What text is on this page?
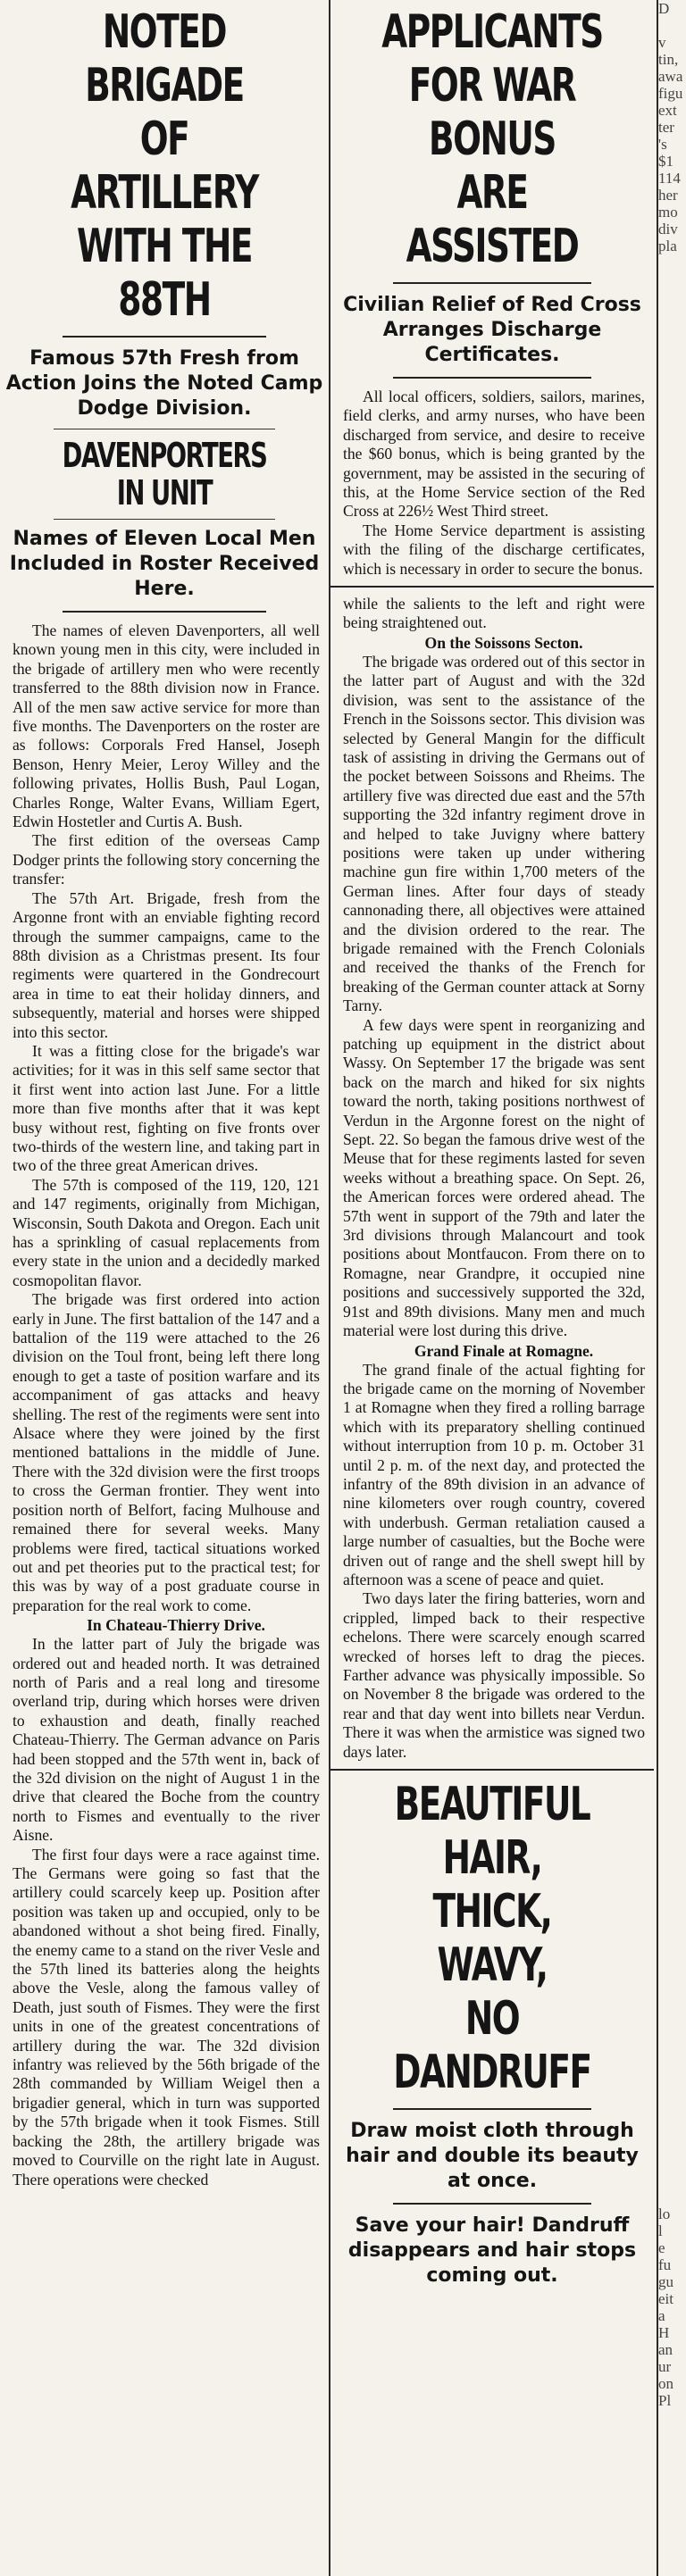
NOTED BRIGADE
OF ARTILLERY
WITH THE 88TH

Famous 57th Fresh from Action Joins the Noted Camp Dodge Division.

DAVENPORTERS IN UNIT

Names of Eleven Local Men Included in Roster Received Here.

The names of eleven Davenporters, all well known young men in this city, were included in the brigade of artillery men who were recently transferred to the 88th division now in France. All of the men saw active service for more than five months. The Davenporters on the roster are as follows: Corporals Fred Hansel, Joseph Benson, Henry Meier, Leroy Willey and the following privates, Hollis Bush, Paul Logan, Charles Ronge, Walter Evans, William Egert, Edwin Hostetler and Curtis A. Bush.

The first edition of the overseas Camp Dodger prints the following story concerning the transfer:

The 57th Art. Brigade, fresh from the Argonne front with an enviable fighting record through the summer campaigns, came to the 88th division as a Christmas present. Its four regiments were quartered in the Gondrecourt area in time to eat their holiday dinners, and subsequently, material and horses were shipped into this sector.

It was a fitting close for the brigade's war activities; for it was in this self same sector that it first went into action last June. For a little more than five months after that it was kept busy without rest, fighting on five fronts over two-thirds of the western line, and taking part in two of the three great American drives.

The 57th is composed of the 119, 120, 121 and 147 regiments, originally from Michigan, Wisconsin, South Dakota and Oregon. Each unit has a sprinkling of casual replacements from every state in the union and a decidedly marked cosmopolitan flavor.

The brigade was first ordered into action early in June. The first battalion of the 147 and a battalion of the 119 were attached to the 26 division on the Toul front, being left there long enough to get a taste of position warfare and its accompaniment of gas attacks and heavy shelling. The rest of the regiments were sent into Alsace where they were joined by the first mentioned battalions in the middle of June. There with the 32d division were the first troops to cross the German frontier. They went into position north of Belfort, facing Mulhouse and remained there for several weeks. Many problems were fired, tactical situations worked out and pet theories put to the practical test; for this was by way of a post graduate course in preparation for the real work to come.

In Chateau-Thierry Drive.

In the latter part of July the brigade was ordered out and headed north. It was detrained north of Paris and a real long and tiresome overland trip, during which horses were driven to exhaustion and death, finally reached Chateau-Thierry. The German advance on Paris had been stopped and the 57th went in, back of the 32d division on the night of August 1 in the drive that cleared the Boche from the country north to Fismes and eventually to the river Aisne.

The first four days were a race against time. The Germans were going so fast that the artillery could scarcely keep up. Position after position was taken up and occupied, only to be abandoned without a shot being fired. Finally, the enemy came to a stand on the river Vesle and the 57th lined its batteries along the heights above the Vesle, along the famous valley of Death, just south of Fismes. They were the first units in one of the greatest concentrations of artillery during the war. The 32d division infantry was relieved by the 56th brigade of the 28th commanded by William Weigel then a brigadier general, which in turn was supported by the 57th brigade when it took Fismes. Still backing the 28th, the artillery brigade was moved to Courville on the right late in August. There operations were checked

APPLICANTS
FOR WAR BONUS
ARE ASSISTED

Civilian Relief of Red Cross Arranges Discharge Certificates.

All local officers, soldiers, sailors, marines, field clerks, and army nurses, who have been discharged from service, and desire to receive the $60 bonus, which is being granted by the government, may be assisted in the securing of this, at the Home Service section of the Red Cross at 226½ West Third street.

The Home Service department is assisting with the filing of the discharge certificates, which is necessary in order to secure the bonus.

while the salients to the left and right were being straightened out.

On the Soissons Secton.

The brigade was ordered out of this sector in the latter part of August and with the 32d division, was sent to the assistance of the French in the Soissons sector. This division was selected by General Mangin for the difficult task of assisting in driving the Germans out of the pocket between Soissons and Rheims. The artillery five was directed due east and the 57th supporting the 32d infantry regiment drove in and helped to take Juvigny where battery positions were taken up under withering machine gun fire within 1,700 meters of the German lines. After four days of steady cannonading there, all objectives were attained and the division ordered to the rear. The brigade remained with the French Colonials and received the thanks of the French for breaking of the German counter attack at Sorny Tarny.

A few days were spent in reorganizing and patching up equipment in the district about Wassy. On September 17 the brigade was sent back on the march and hiked for six nights toward the north, taking positions northwest of Verdun in the Argonne forest on the night of Sept. 22. So began the famous drive west of the Meuse that for these regiments lasted for seven weeks without a breathing space. On Sept. 26, the American forces were ordered ahead. The 57th went in support of the 79th and later the 3rd divisions through Malancourt and took positions about Montfaucon. From there on to Romagne, near Grandpre, it occupied nine positions and successively supported the 32d, 91st and 89th divisions. Many men and much material were lost during this drive.

Grand Finale at Romagne.

The grand finale of the actual fighting for the brigade came on the morning of November 1 at Romagne when they fired a rolling barrage which with its preparatory shelling continued without interruption from 10 p. m. October 31 until 2 p. m. of the next day, and protected the infantry of the 89th division in an advance of nine kilometers over rough country, covered with underbush. German retaliation caused a large number of casualties, but the Boche were driven out of range and the shell swept hill by afternoon was a scene of peace and quiet.

Two days later the firing batteries, worn and crippled, limped back to their respective echelons. There were scarcely enough scarred wrecked of horses left to drag the pieces. Farther advance was physically impossible. So on November 8 the brigade was ordered to the rear and that day went into billets near Verdun. There it was when the armistice was signed two days later.

BEAUTIFUL HAIR,
THICK, WAVY,
NO DANDRUFF

Draw moist cloth through hair and double its beauty at once.

Save your hair! Dandruff disappears and hair stops coming out.

D

v
tin,
awa
figu
ext
ter
's
$1
114
her
mo
div
pla

lo
l
e
fu
gu
eit
a
H
an
ur
on
Pl
